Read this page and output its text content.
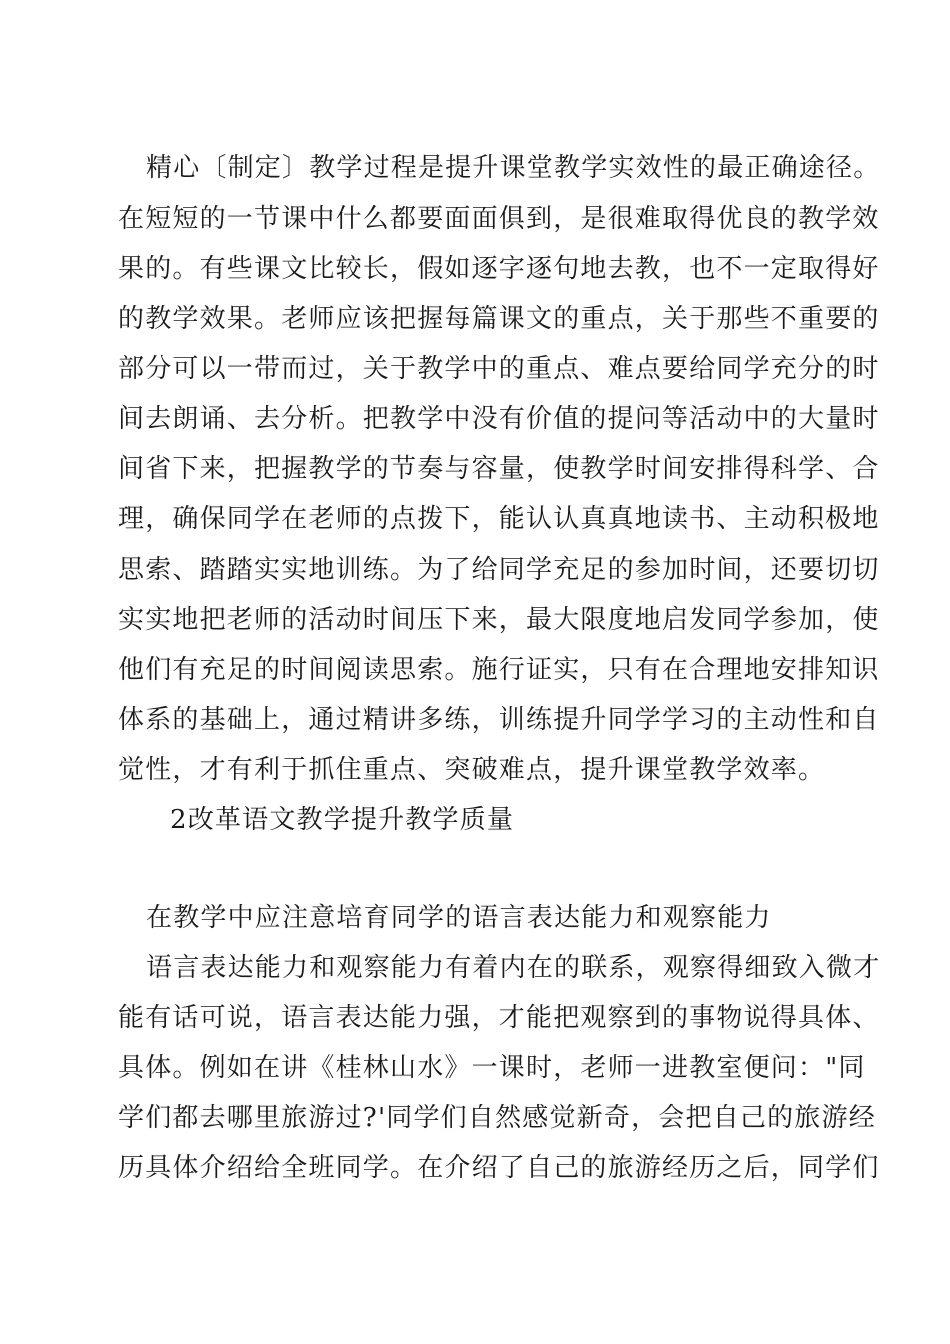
精心〔制定〕教学过程是提升课堂教学实效性的最正确途径。
在短短的一节课中什么都要面面俱到，是很难取得优良的教学效
果的。有些课文比较长，假如逐字逐句地去教，也不一定取得好
的教学效果。老师应该把握每篇课文的重点，关于那些不重要的
部分可以一带而过，关于教学中的重点、难点要给同学充分的时
间去朗诵、去分析。把教学中没有价值的提问等活动中的大量时
间省下来，把握教学的节奏与容量，使教学时间安排得科学、合
理，确保同学在老师的点拨下，能认认真真地读书、主动积极地
思索、踏踏实实地训练。为了给同学充足的参加时间，还要切切
实实地把老师的活动时间压下来，最大限度地启发同学参加，使
他们有充足的时间阅读思索。施行证实，只有在合理地安排知识
体系的基础上，通过精讲多练，训练提升同学学习的主动性和自
觉性，才有利于抓住重点、突破难点，提升课堂教学效率。
2改革语文教学提升教学质量
在教学中应注意培育同学的语言表达能力和观察能力
语言表达能力和观察能力有着内在的联系，观察得细致入微才
能有话可说，语言表达能力强，才能把观察到的事物说得具体、
具体。例如在讲《桂林山水》一课时，老师一进教室便问："同
学们都去哪里旅游过?'同学们自然感觉新奇，会把自己的旅游经
历具体介绍给全班同学。在介绍了自己的旅游经历之后，同学们
